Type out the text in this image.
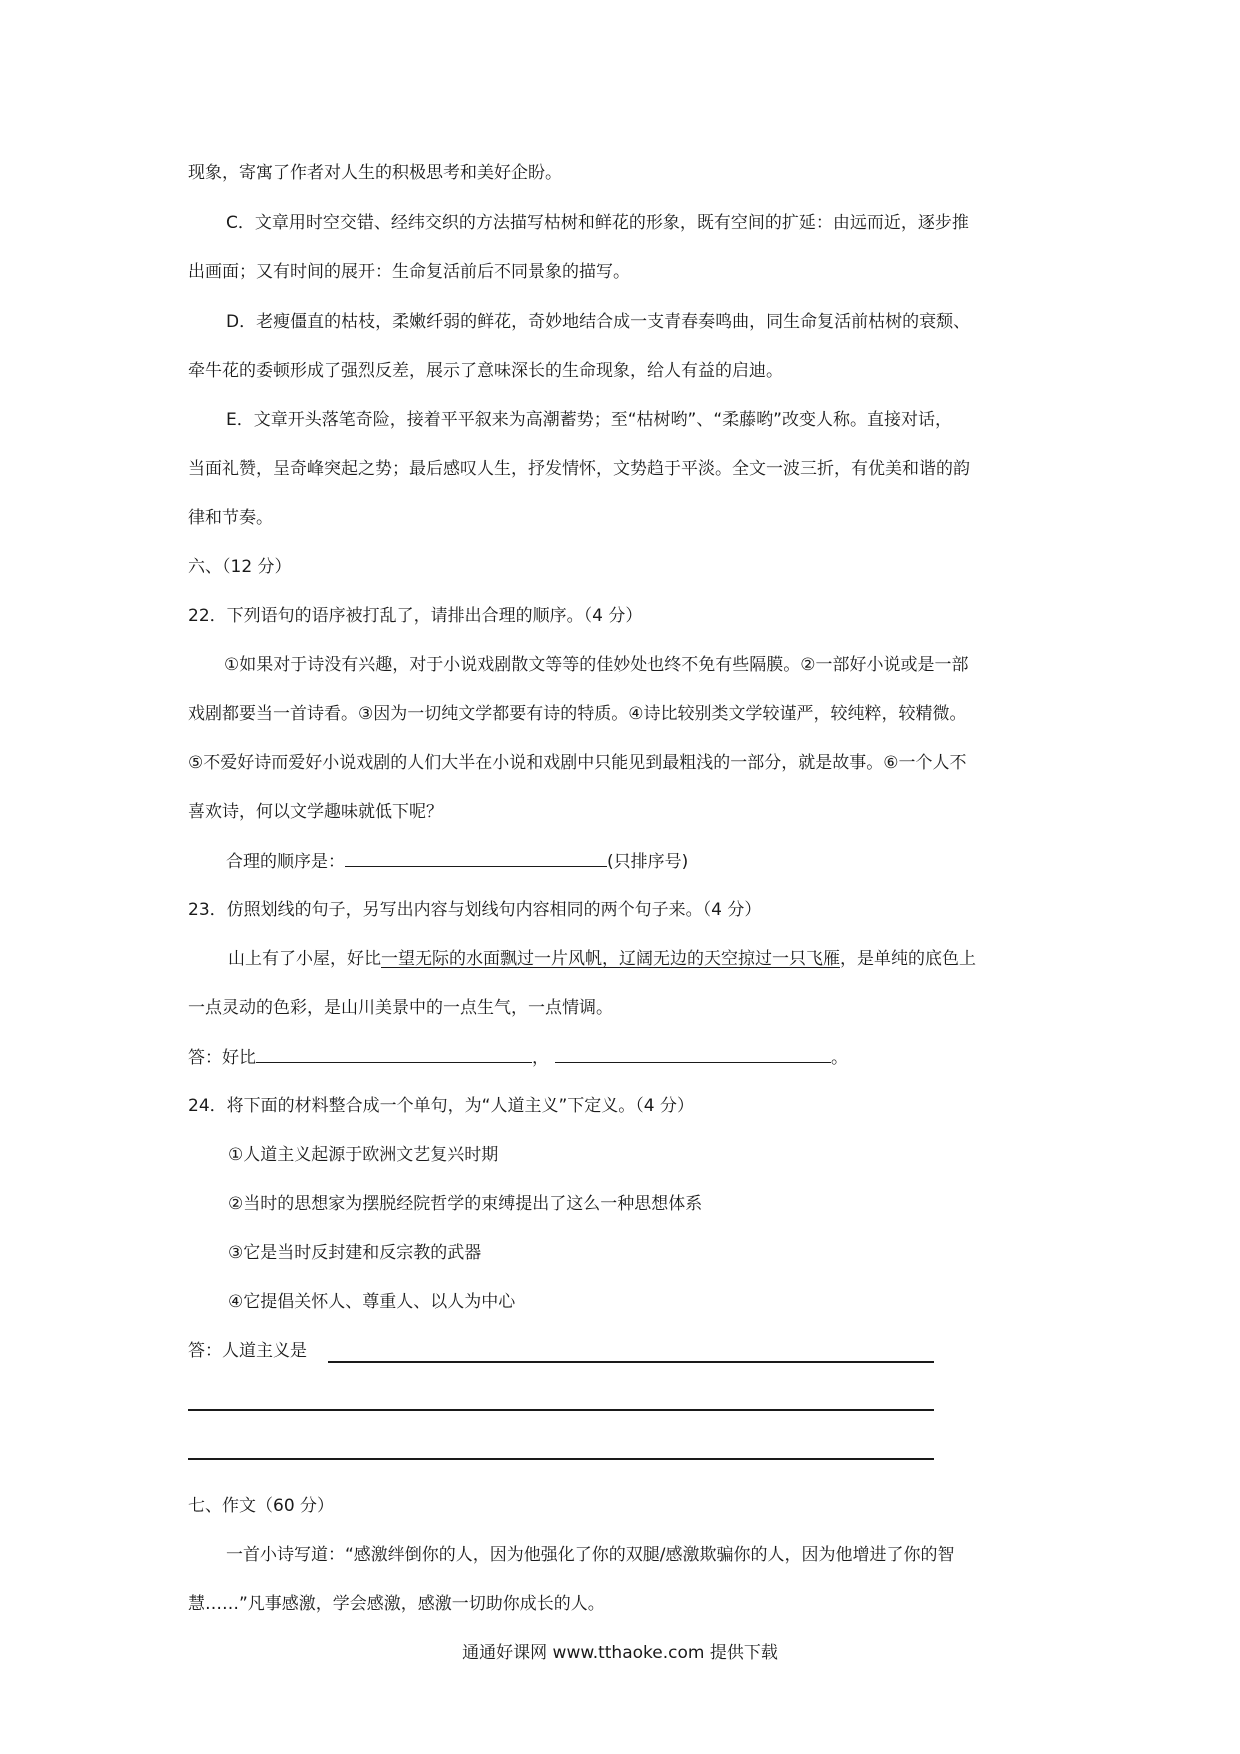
现象，寄寓了作者对人生的积极思考和美好企盼。
C．文章用时空交错、经纬交织的方法描写枯树和鲜花的形象，既有空间的扩延：由远而近，逐步推
出画面；又有时间的展开：生命复活前后不同景象的描写。
D．老瘦僵直的枯枝，柔嫩纤弱的鲜花，奇妙地结合成一支青春奏鸣曲，同生命复活前枯树的衰颓、
牵牛花的委顿形成了强烈反差，展示了意味深长的生命现象，给人有益的启迪。
E．文章开头落笔奇险，接着平平叙来为高潮蓄势；至“枯树哟”、“柔藤哟”改变人称。直接对话，
当面礼赞，呈奇峰突起之势；最后感叹人生，抒发情怀，文势趋于平淡。全文一波三折，有优美和谐的韵
律和节奏。
六、（12 分）
22．下列语句的语序被打乱了，请排出合理的顺序。（4 分）
①如果对于诗没有兴趣，对于小说戏剧散文等等的佳妙处也终不免有些隔膜。②一部好小说或是一部
戏剧都要当一首诗看。③因为一切纯文学都要有诗的特质。④诗比较别类文学较谨严，较纯粹，较精微。
⑤不爱好诗而爱好小说戏剧的人们大半在小说和戏剧中只能见到最粗浅的一部分，就是故事。⑥一个人不
喜欢诗，何以文学趣味就低下呢？
合理的顺序是：	(只排序号)
23．仿照划线的句子，另写出内容与划线句内容相同的两个句子来。（4 分）
山上有了小屋，好比一望无际的水面飘过一片风帆，辽阔无边的天空掠过一只飞雁，是单纯的底色上
一点灵动的色彩，是山川美景中的一点生气，一点情调。
答：好比	，	。
24．将下面的材料整合成一个单句，为“人道主义”下定义。（4 分）
①人道主义起源于欧洲文艺复兴时期
②当时的思想家为摆脱经院哲学的束缚提出了这么一种思想体系
③它是当时反封建和反宗教的武器
④它提倡关怀人、尊重人、以人为中心
答：人道主义是
七、作文（60 分）
一首小诗写道：“感激绊倒你的人，因为他强化了你的双腿/感激欺骗你的人，因为他增进了你的智
慧……”凡事感激，学会感激，感激一切助你成长的人。
通通好课网 www.tthaoke.com 提供下载
